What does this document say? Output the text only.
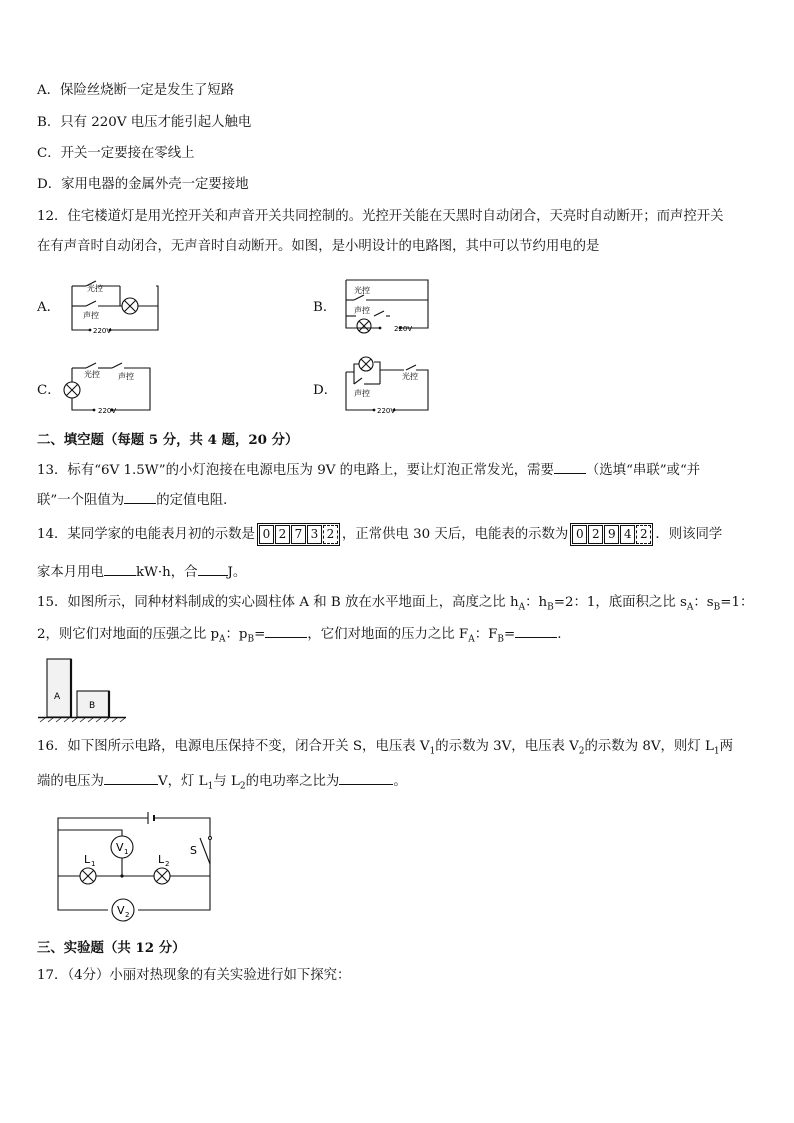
A．保险丝烧断一定是发生了短路
B．只有 220V 电压才能引起人触电
C．开关一定要接在零线上
D．家用电器的金属外壳一定要接地
12．住宅楼道灯是用光控开关和声音开关共同控制的。光控开关能在天黑时自动闭合，天亮时自动断开；而声控开关
在有声音时自动闭合，无声音时自动断开。如图，是小明设计的电路图，其中可以节约用电的是
A．
光控
声控
220V
B．
光控
声控
220V
C．
光控 声控
220V
D．
光控
声控
220V
二、填空题（每题 5 分，共 4 题，20 分）
13．标有“6V 1.5W”的小灯泡接在电源电压为 9V 的电路上，要让灯泡正常发光，需要 （选填“串联”或“并
联”一个阻值为 的定值电阻．
14．某同学家的电能表月初的示数是 0 2 7 3 2 ，正常供电 30 天后，电能表的示数为 0 2 9 4 2 ．则该同学
家本月用电 kW·h，合 J。
15．如图所示，同种材料制成的实心圆柱体 A 和 B 放在水平地面上，高度之比 $h_A$：$h_B=2$：1，底面积之比 $s_A$：$s_B=1$：
2，则它们对地面的压强之比 $p_A$：$p_B=$	，它们对地面的压力之比 $F_A$：$F_B=$	.
A
B
16．如下图所示电路，电源电压保持不变，闭合开关 S，电压表 $V_1$的示数为 3V，电压表 $V_2$的示数为 8V，则灯 $L_1$两
端的电压为	V，灯 $L_1$与 $L_2$的电功率之比为	。
V 1
V 2
L 1	L 2
S
三、实验题（共 12 分）
17．（4分）小丽对热现象的有关实验进行如下探究：
